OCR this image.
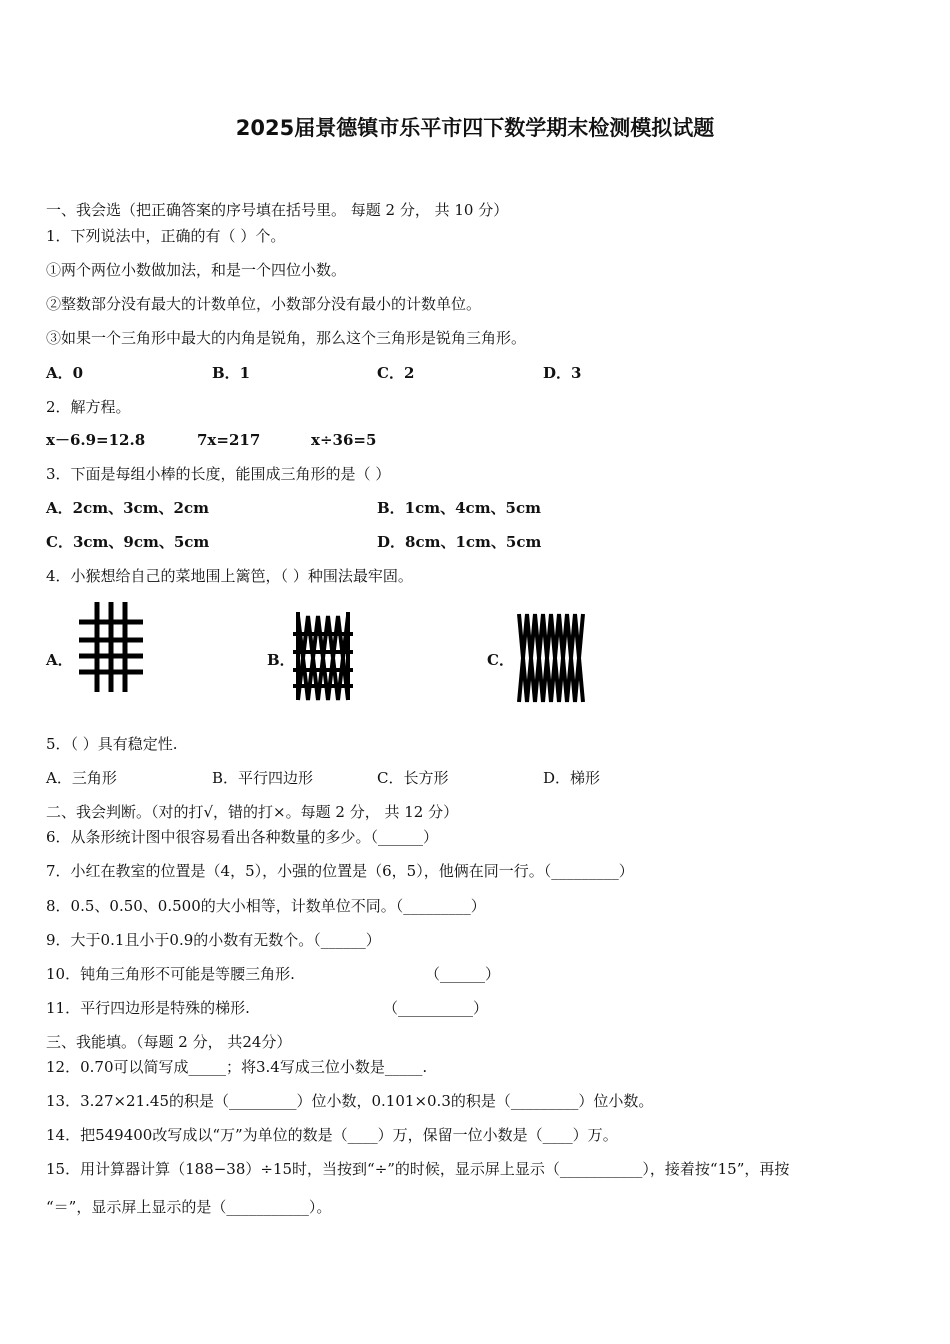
2025届景德镇市乐平市四下数学期末检测模拟试题
一、我会选（把正确答案的序号填在括号里。 每题 2 分， 共 10 分）
1．下列说法中，正确的有（ ）个。
①两个两位小数做加法，和是一个四位小数。
②整数部分没有最大的计数单位，小数部分没有最小的计数单位。
③如果一个三角形中最大的内角是锐角，那么这个三角形是锐角三角形。
A．0	B．1	C．2	D．3
2．解方程。
x－6.9=12.8	7x=217	x÷36=5
3．下面是每组小棒的长度，能围成三角形的是（ ）
A．2cm、3cm、2cm	B．1cm、4cm、5cm
C．3cm、9cm、5cm	D．8cm、1cm、5cm
4．小猴想给自己的菜地围上篱笆，（ ）种围法最牢固。
A．	B．	C．
5．（ ）具有稳定性.
A．三角形	B．平行四边形	C．长方形	D．梯形
二、我会判断。（对的打√，错的打×。每题 2 分， 共 12 分）
6．从条形统计图中很容易看出各种数量的多少。（______）
7．小红在教室的位置是（4，5），小强的位置是（6，5），他俩在同一行。（_________）
8．0.5、0.50、0.500的大小相等，计数单位不同。（_________）
9．大于0.1且小于0.9的小数有无数个。（______）
10．钝角三角形不可能是等腰三角形.	（______）
11．平行四边形是特殊的梯形.	（__________）
三、我能填。（每题 2 分， 共24分）
12．0.70可以简写成_____；将3.4写成三位小数是_____.
13．3.27×21.45的积是（_________）位小数，0.101×0.3的积是（_________）位小数。
14．把549400改写成以“万”为单位的数是（____）万，保留一位小数是（____）万。
15．用计算器计算（188−38）÷15时，当按到“÷”的时候，显示屏上显示（___________），接着按“15”，再按
“＝”，显示屏上显示的是（___________）。
